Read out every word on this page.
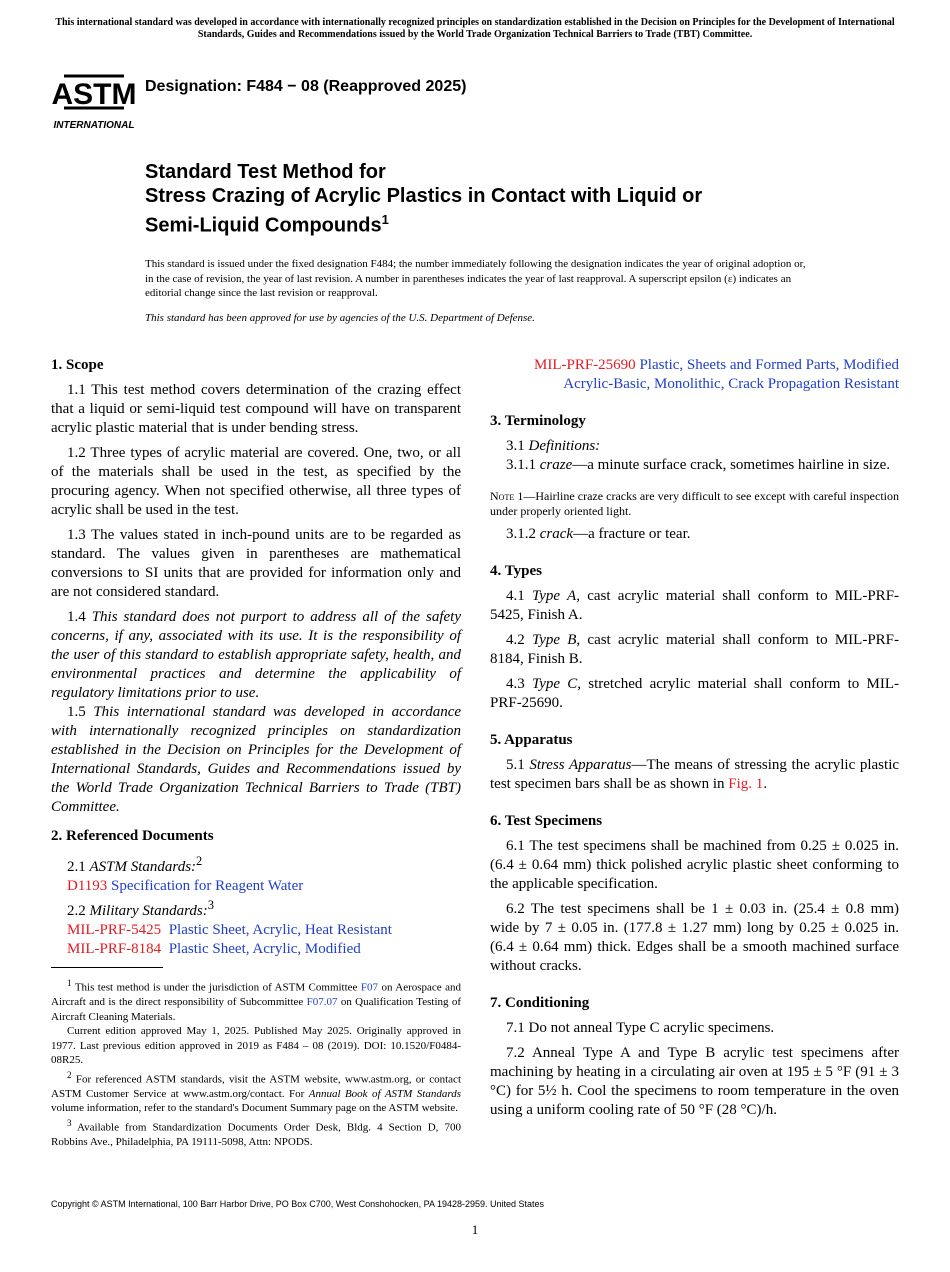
This international standard was developed in accordance with internationally recognized principles on standardization established in the Decision on Principles for the Development of International Standards, Guides and Recommendations issued by the World Trade Organization Technical Barriers to Trade (TBT) Committee.
ASTM
INTERNATIONAL
Designation: F484 − 08 (Reapproved 2025)
Standard Test Method for
Stress Crazing of Acrylic Plastics in Contact with Liquid or
Semi-Liquid Compounds$^1$
This standard is issued under the fixed designation F484; the number immediately following the designation indicates the year of original adoption or, in the case of revision, the year of last revision. A number in parentheses indicates the year of last reapproval. A superscript epsilon (ε) indicates an editorial change since the last revision or reapproval.
This standard has been approved for use by agencies of the U.S. Department of Defense.
1. Scope

1.1 This test method covers determination of the crazing effect that a liquid or semi-liquid test compound will have on transparent acrylic plastic material that is under bending stress.

1.2 Three types of acrylic material are covered. One, two, or all of the materials shall be used in the test, as specified by the procuring agency. When not specified otherwise, all three types of acrylic shall be used in the test.

1.3 The values stated in inch-pound units are to be regarded as standard. The values given in parentheses are mathematical conversions to SI units that are provided for information only and are not considered standard.

1.4 This standard does not purport to address all of the safety concerns, if any, associated with its use. It is the responsibility of the user of this standard to establish appropriate safety, health, and environmental practices and determine the applicability of regulatory limitations prior to use.

1.5 This international standard was developed in accordance with internationally recognized principles on standardization established in the Decision on Principles for the Development of International Standards, Guides and Recommendations issued by the World Trade Organization Technical Barriers to Trade (TBT) Committee.

2. Referenced Documents
2.1 ASTM Standards:$^2$
D1193 Specification for Reagent Water
2.2 Military Standards:$^3$
MIL-PRF-5425 Plastic Sheet, Acrylic, Heat Resistant
MIL-PRF-8184 Plastic Sheet, Acrylic, Modified

$^1$ This test method is under the jurisdiction of ASTM Committee F07 on Aerospace and Aircraft and is the direct responsibility of Subcommittee F07.07 on Qualification Testing of Aircraft Cleaning Materials.

Current edition approved May 1, 2025. Published May 2025. Originally approved in 1977. Last previous edition approved in 2019 as F484 – 08 (2019). DOI: 10.1520/F0484-08R25.

$^2$ For referenced ASTM standards, visit the ASTM website, www.astm.org, or contact ASTM Customer Service at www.astm.org/contact. For Annual Book of ASTM Standards volume information, refer to the standard's Document Summary page on the ASTM website.

$^3$ Available from Standardization Documents Order Desk, Bldg. 4 Section D, 700 Robbins Ave., Philadelphia, PA 19111-5098, Attn: NPODS.

MIL-PRF-25690 Plastic, Sheets and Formed Parts, Modified Acrylic-Basic, Monolithic, Crack Propagation Resistant
3. Terminology

3.1 Definitions:

3.1.1 craze—a minute surface crack, sometimes hairline in size.

Note 1—Hairline craze cracks are very difficult to see except with careful inspection under properly oriented light.

3.1.2 crack—a fracture or tear.

4. Types

4.1 Type A, cast acrylic material shall conform to MIL-PRF-5425, Finish A.

4.2 Type B, cast acrylic material shall conform to MIL-PRF-8184, Finish B.

4.3 Type C, stretched acrylic material shall conform to MIL-PRF-25690.

5. Apparatus

5.1 Stress Apparatus—The means of stressing the acrylic plastic test specimen bars shall be as shown in Fig. 1.

6. Test Specimens

6.1 The test specimens shall be machined from 0.25 ± 0.025 in. (6.4 ± 0.64 mm) thick polished acrylic plastic sheet conforming to the applicable specification.

6.2 The test specimens shall be 1 ± 0.03 in. (25.4 ± 0.8 mm) wide by 7 ± 0.05 in. (177.8 ± 1.27 mm) long by 0.25 ± 0.025 in. (6.4 ± 0.64 mm) thick. Edges shall be a smooth machined surface without cracks.

7. Conditioning

7.1 Do not anneal Type C acrylic specimens.

7.2 Anneal Type A and Type B acrylic test specimens after machining by heating in a circulating air oven at 195 ± 5 °F (91 ± 3 °C) for 5½ h. Cool the specimens to room temperature in the oven using a uniform cooling rate of 50 °F (28 °C)/h.

Copyright © ASTM International, 100 Barr Harbor Drive, PO Box C700, West Conshohocken, PA 19428-2959. United States
1
